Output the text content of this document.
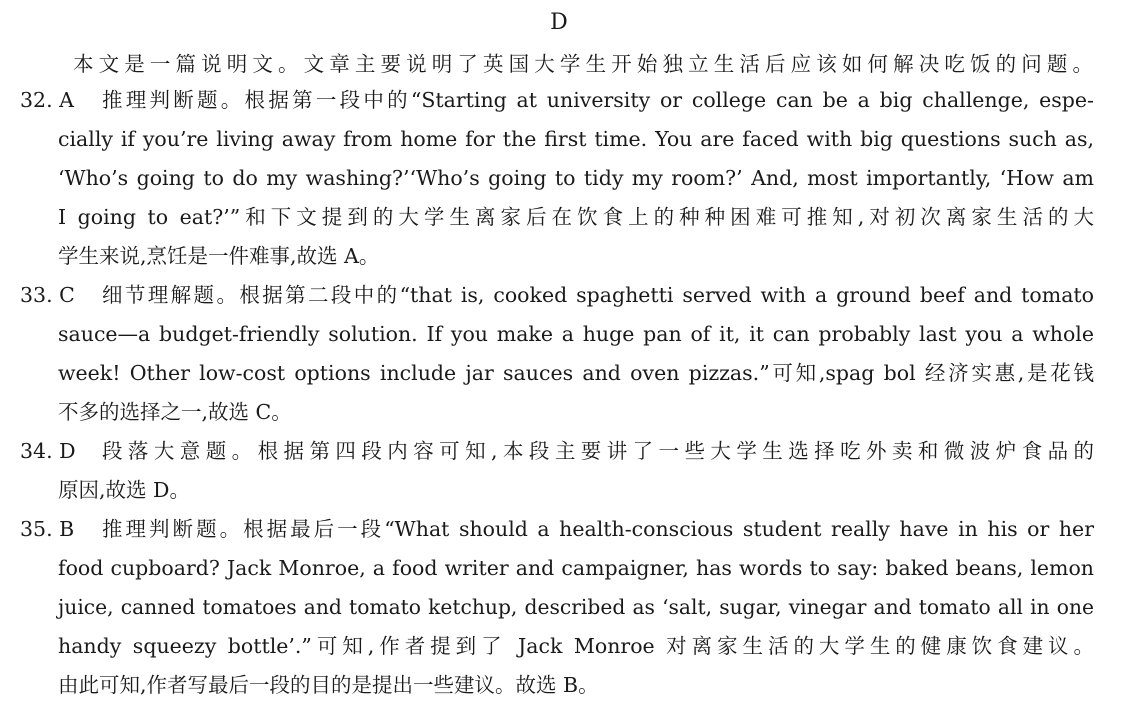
D
本文是一篇说明文。文章主要说明了英国大学生开始独立生活后应该如何解决吃饭的问题。
32. A 推理判断题。根据第一段中的“Starting at university or college can be a big challenge, espe-
cially if you’re living away from home for the first time. You are faced with big questions such as,
‘Who’s going to do my washing?’‘Who’s going to tidy my room?’ And, most importantly, ‘How am
I going to eat?’”和下文提到的大学生离家后在饮食上的种种困难可推知,对初次离家生活的大
学生来说,烹饪是一件难事,故选 A。
33. C 细节理解题。根据第二段中的“that is, cooked spaghetti served with a ground beef and tomato
sauce—a budget-friendly solution. If you make a huge pan of it, it can probably last you a whole
week! Other low-cost options include jar sauces and oven pizzas.”可知,spag bol 经济实惠,是花钱
不多的选择之一,故选 C。
34. D 段落大意题。根据第四段内容可知,本段主要讲了一些大学生选择吃外卖和微波炉食品的
原因,故选 D。
35. B 推理判断题。根据最后一段“What should a health-conscious student really have in his or her
food cupboard? Jack Monroe, a food writer and campaigner, has words to say: baked beans, lemon
juice, canned tomatoes and tomato ketchup, described as ‘salt, sugar, vinegar and tomato all in one
handy squeezy bottle’.”可知,作者提到了 Jack Monroe 对离家生活的大学生的健康饮食建议。
由此可知,作者写最后一段的目的是提出一些建议。故选 B。
